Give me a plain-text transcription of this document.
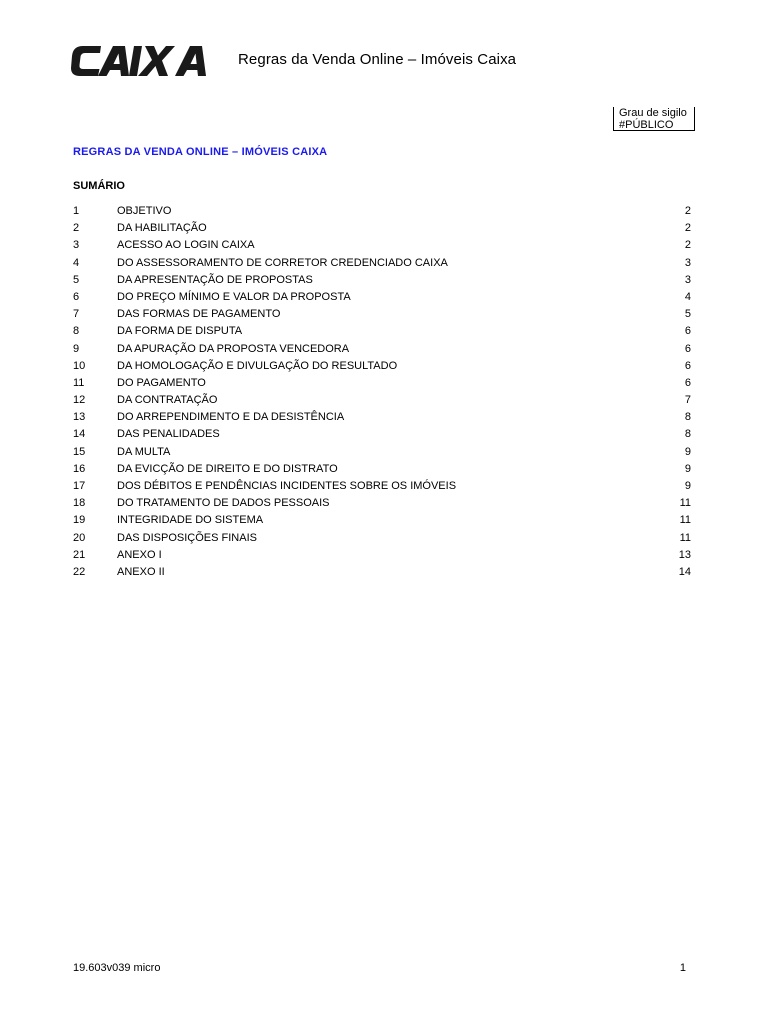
Regras da Venda Online – Imóveis Caixa
Grau de sigilo
#PÚBLICO
REGRAS DA VENDA ONLINE – IMÓVEIS CAIXA
SUMÁRIO
1	OBJETIVO	2
2	DA HABILITAÇÃO	2
3	ACESSO AO LOGIN CAIXA	2
4	DO ASSESSORAMENTO DE CORRETOR CREDENCIADO CAIXA	3
5	DA APRESENTAÇÃO DE PROPOSTAS	3
6	DO PREÇO MÍNIMO E VALOR DA PROPOSTA	4
7	DAS FORMAS DE PAGAMENTO	5
8	DA FORMA DE DISPUTA	6
9	DA APURAÇÃO DA PROPOSTA VENCEDORA	6
10	DA HOMOLOGAÇÃO E DIVULGAÇÃO DO RESULTADO	6
11	DO PAGAMENTO	6
12	DA CONTRATAÇÃO	7
13	DO ARREPENDIMENTO E DA DESISTÊNCIA	8
14	DAS PENALIDADES	8
15	DA MULTA	9
16	DA EVICÇÃO DE DIREITO E DO DISTRATO	9
17	DOS DÉBITOS E PENDÊNCIAS INCIDENTES SOBRE OS IMÓVEIS	9
18	DO TRATAMENTO DE DADOS PESSOAIS	11
19	INTEGRIDADE DO SISTEMA	11
20	DAS DISPOSIÇÕES FINAIS	11
21	ANEXO I	13
22	ANEXO II	14
19.603v039 micro	1
